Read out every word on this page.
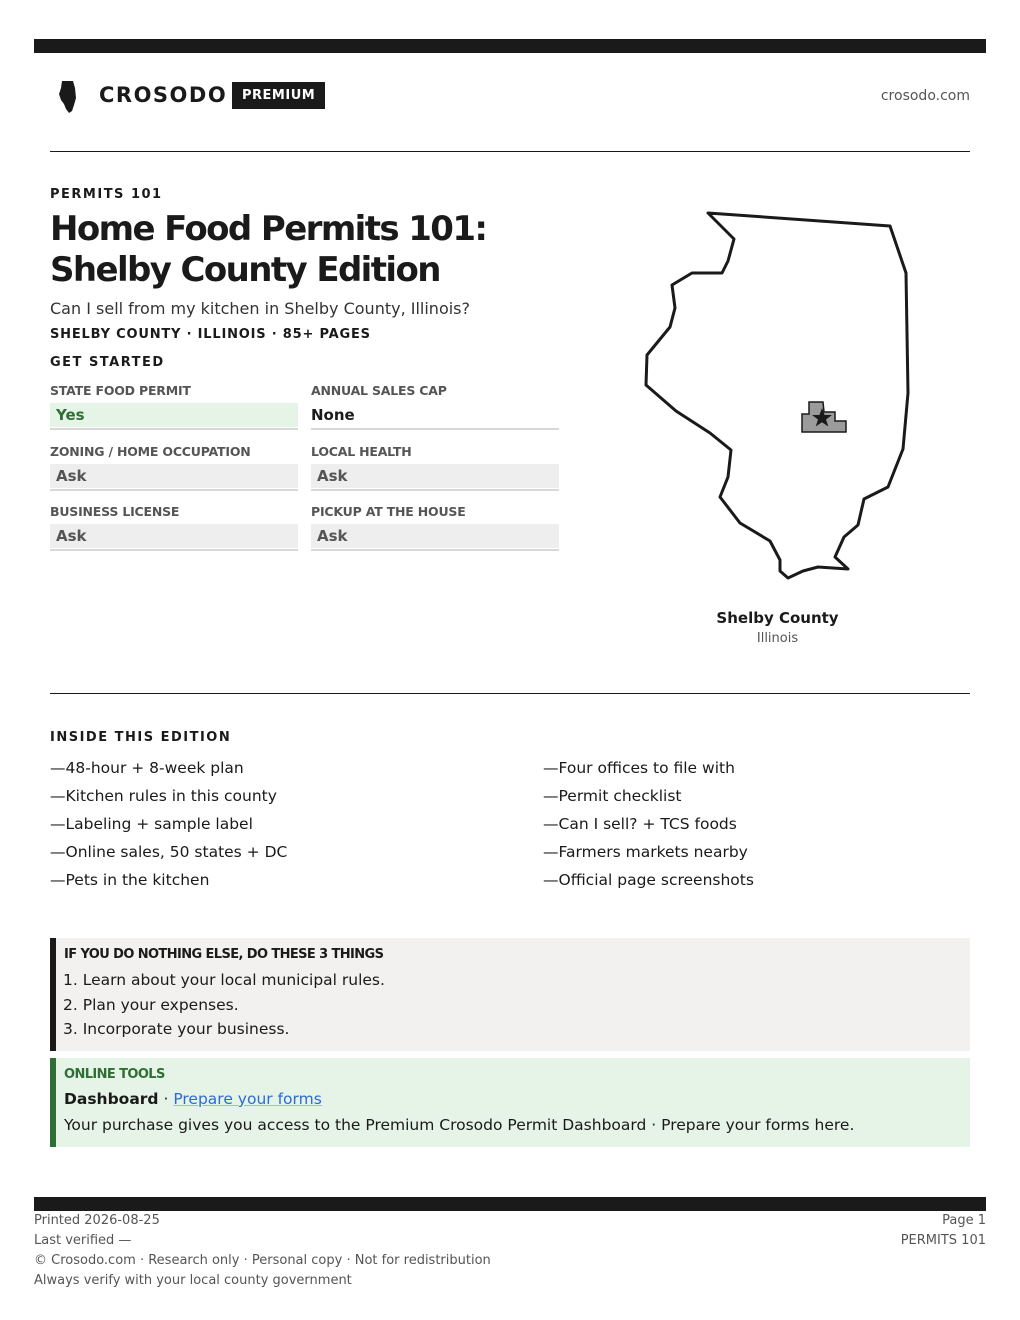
CROSODO	PREMIUM	crosodo.com
PERMITS 101
Home Food Permits 101: Shelby County Edition
Can I sell from my kitchen in Shelby County, Illinois?
SHELBY COUNTY · ILLINOIS · 85+ PAGES
GET STARTED
STATE FOOD PERMIT
Yes
ANNUAL SALES CAP
None
ZONING / HOME OCCUPATION
Ask
LOCAL HEALTH
Ask
BUSINESS LICENSE
Ask
PICKUP AT THE HOUSE
Ask
Shelby County
Illinois
INSIDE THIS EDITION
—48-hour + 8-week plan
—Kitchen rules in this county
—Labeling + sample label
—Online sales, 50 states + DC
—Pets in the kitchen
—Four offices to file with
—Permit checklist
—Can I sell? + TCS foods
—Farmers markets nearby
—Official page screenshots
IF YOU DO NOTHING ELSE, DO THESE 3 THINGS
1. Learn about your local municipal rules.
2. Plan your expenses.
3. Incorporate your business.
ONLINE TOOLS
Dashboard · Prepare your forms
Your purchase gives you access to the Premium Crosodo Permit Dashboard · Prepare your forms here.
Printed 2026-08-25
Last verified —
© Crosodo.com · Research only · Personal copy · Not for redistribution
Always verify with your local county government
Page 1
PERMITS 101
